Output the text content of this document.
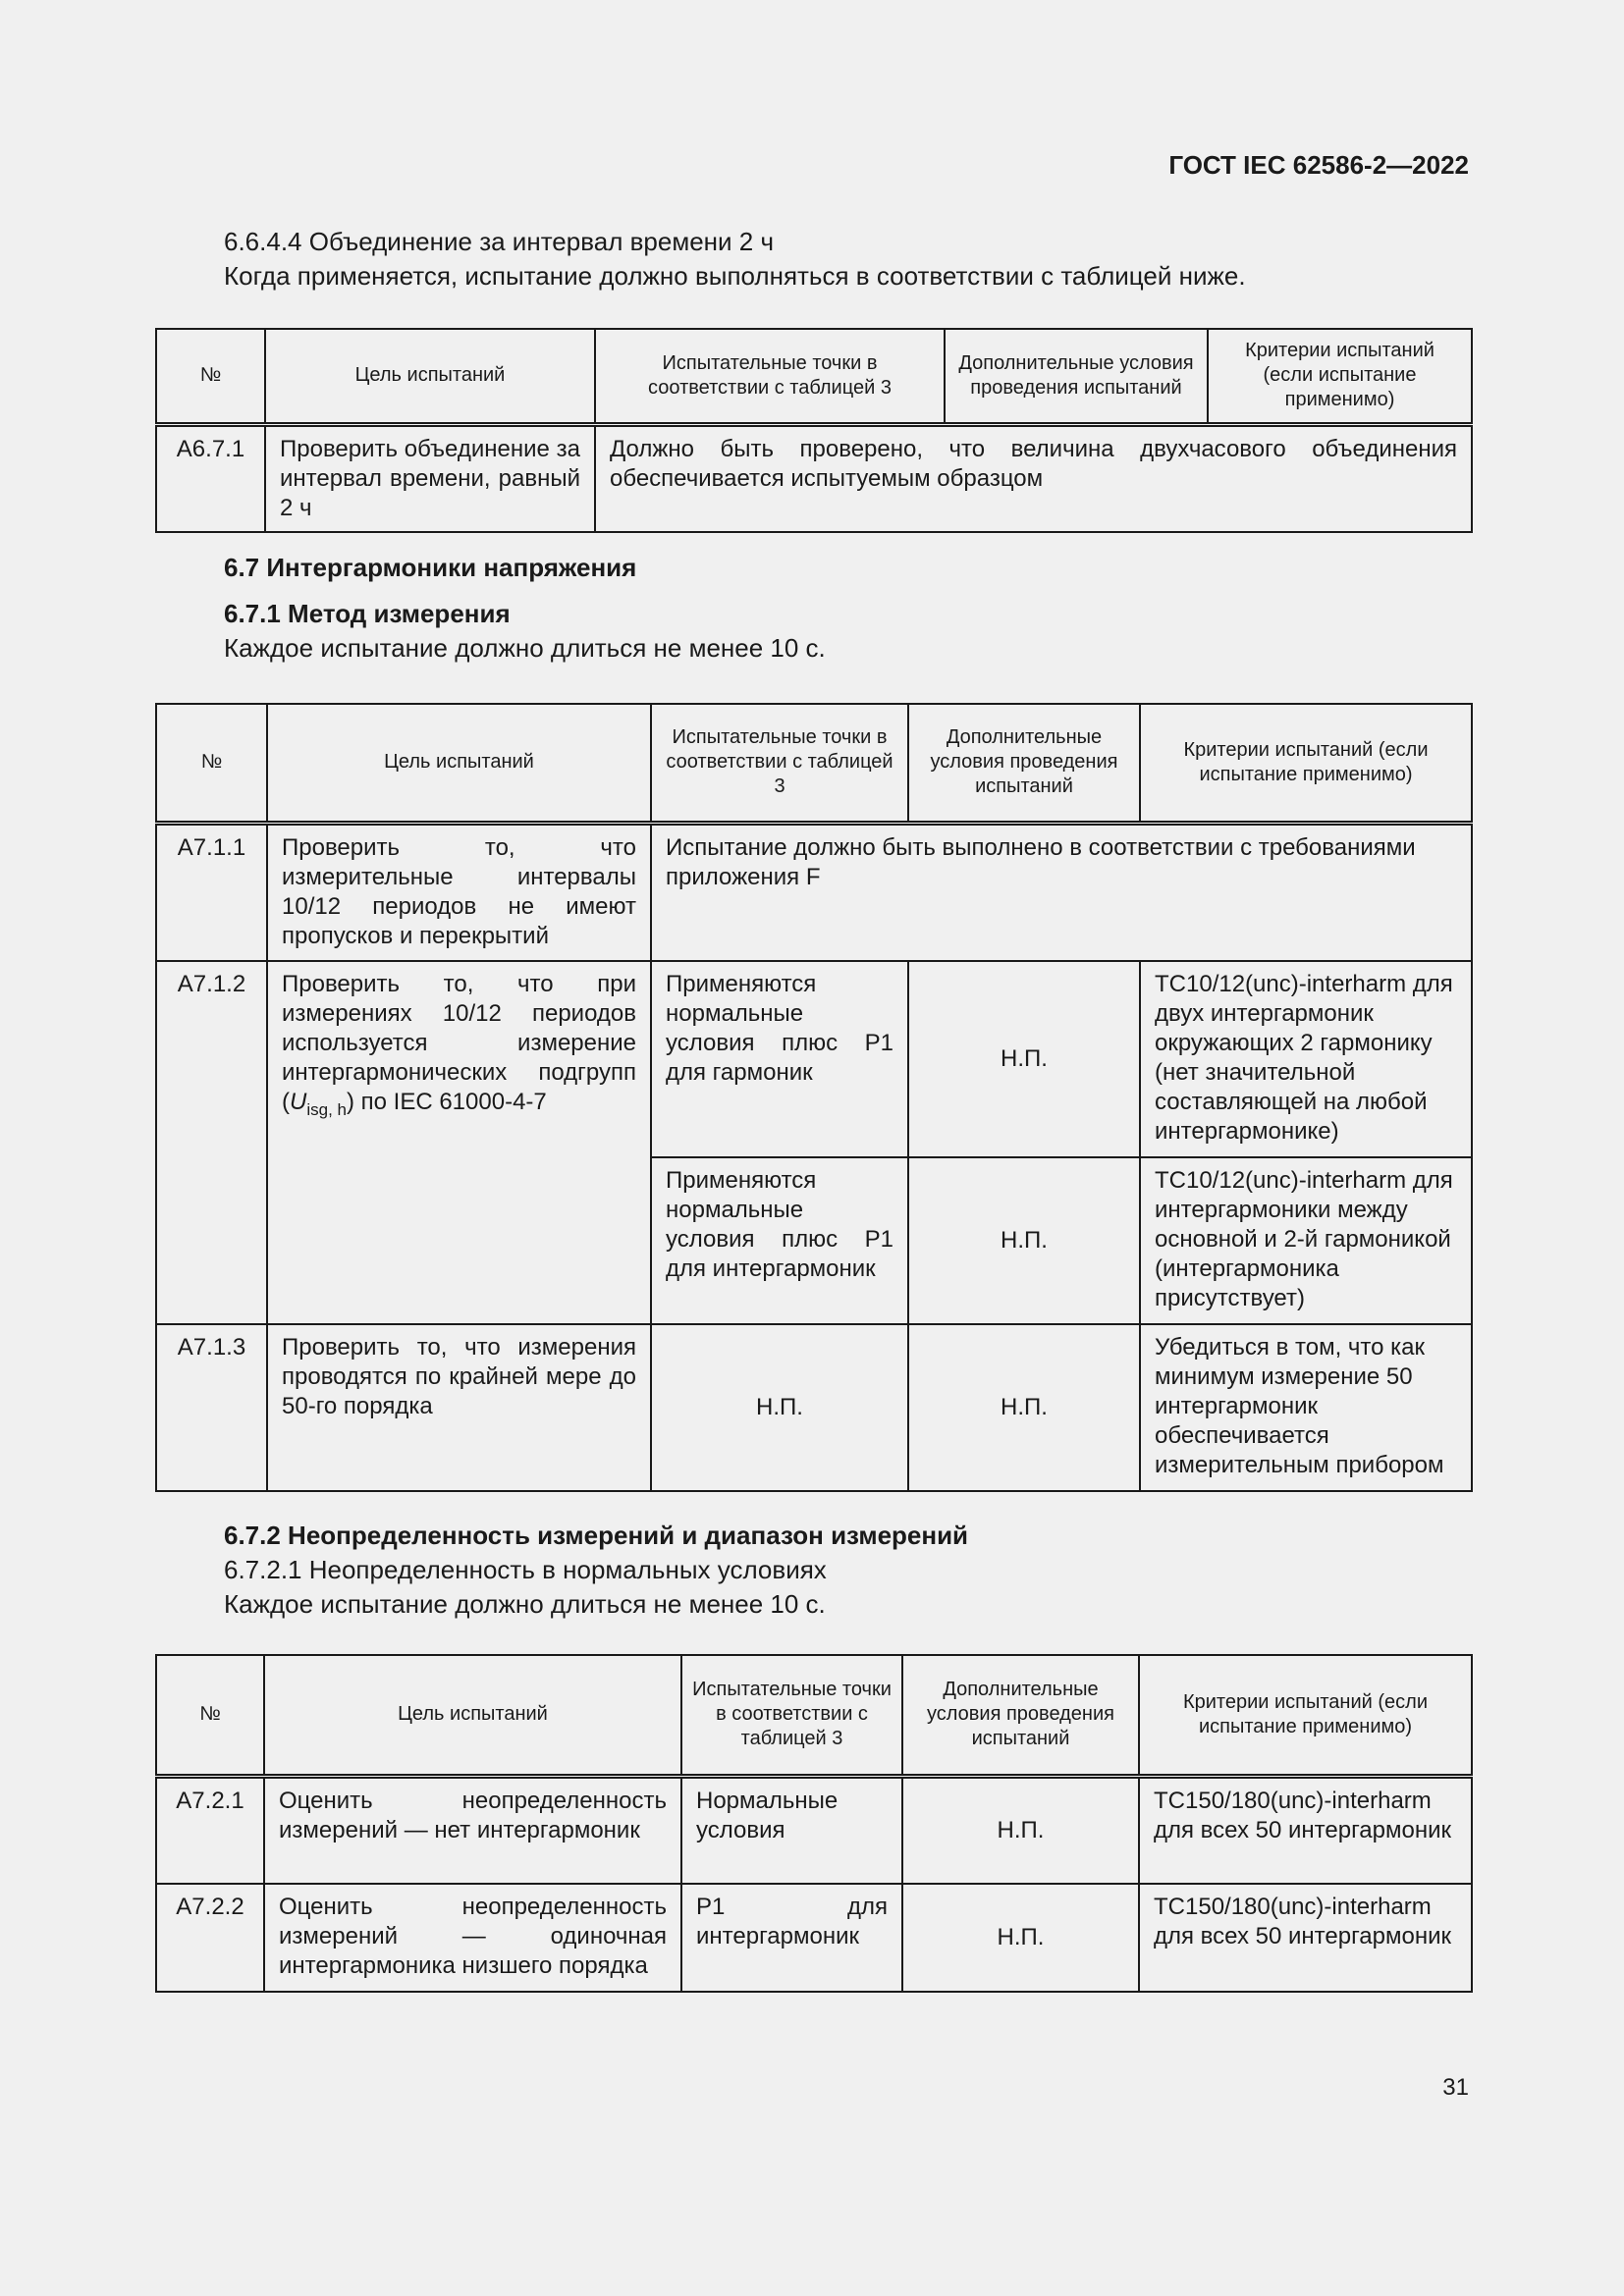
ГОСТ IEC 62586-2—2022

6.6.4.4 Объединение за интервал времени 2 ч

Когда применяется, испытание должно выполняться в соответствии с таблицей ниже.

№	Цель испытаний	Испытательные точки в соответствии с таблицей 3	Дополнительные условия проведения испытаний	Критерии испытаний (если испытание применимо)
A6.7.1	Проверить объединение за интервал времени, равный 2 ч	Должно быть проверено, что величина двухчасового объединения обеспечивается испытуемым образцом		

6.7 Интергармоники напряжения

6.7.1 Метод измерения

Каждое испытание должно длиться не менее 10 с.

№	Цель испытаний	Испытательные точки в соответствии с таблицей 3	Дополнительные условия проведения испытаний	Критерии испытаний (если испытание применимо)
A7.1.1	Проверить то, что измерительные интервалы 10/12 периодов не имеют пропусков и перекрытий	Испытание должно быть выполнено в соответствии с требованиями приложения F		
A7.1.2	Проверить то, что при измерениях 10/12 периодов используется измерение интергармонических подгрупп $(U_{isg, h})$ по IEC 61000-4-7	Применяются нормальные условия плюс P1 для гармоник	Н.П.	TC10/12(unc)-interharm для двух интергармоник окружающих 2 гармонику (нет значительной составляющей на любой интергармонике)
		Применяются нормальные условия плюс P1 для интергармоник	Н.П.	TC10/12(unc)-interharm для интергармоники между основной и 2-й гармоникой (интергармоника присутствует)
A7.1.3	Проверить то, что измерения проводятся по крайней мере до 50-го порядка	Н.П.	Н.П.	Убедиться в том, что как минимум измерение 50 интергармоник обеспечивается измерительным прибором

6.7.2 Неопределенность измерений и диапазон измерений

6.7.2.1 Неопределенность в нормальных условиях

Каждое испытание должно длиться не менее 10 с.

№	Цель испытаний	Испытательные точки в соответствии с таблицей 3	Дополнительные условия проведения испытаний	Критерии испытаний (если испытание применимо)
A7.2.1	Оценить неопределенность измерений — нет интергармоник	Нормальные условия	Н.П.	TC150/180(unc)-interharm для всех 50 интергармоник
A7.2.2	Оценить неопределенность измерений — одиночная интергармоника низшего порядка	P1 для интергармоник	Н.П.	TC150/180(unc)-interharm для всех 50 интергармоник
31
